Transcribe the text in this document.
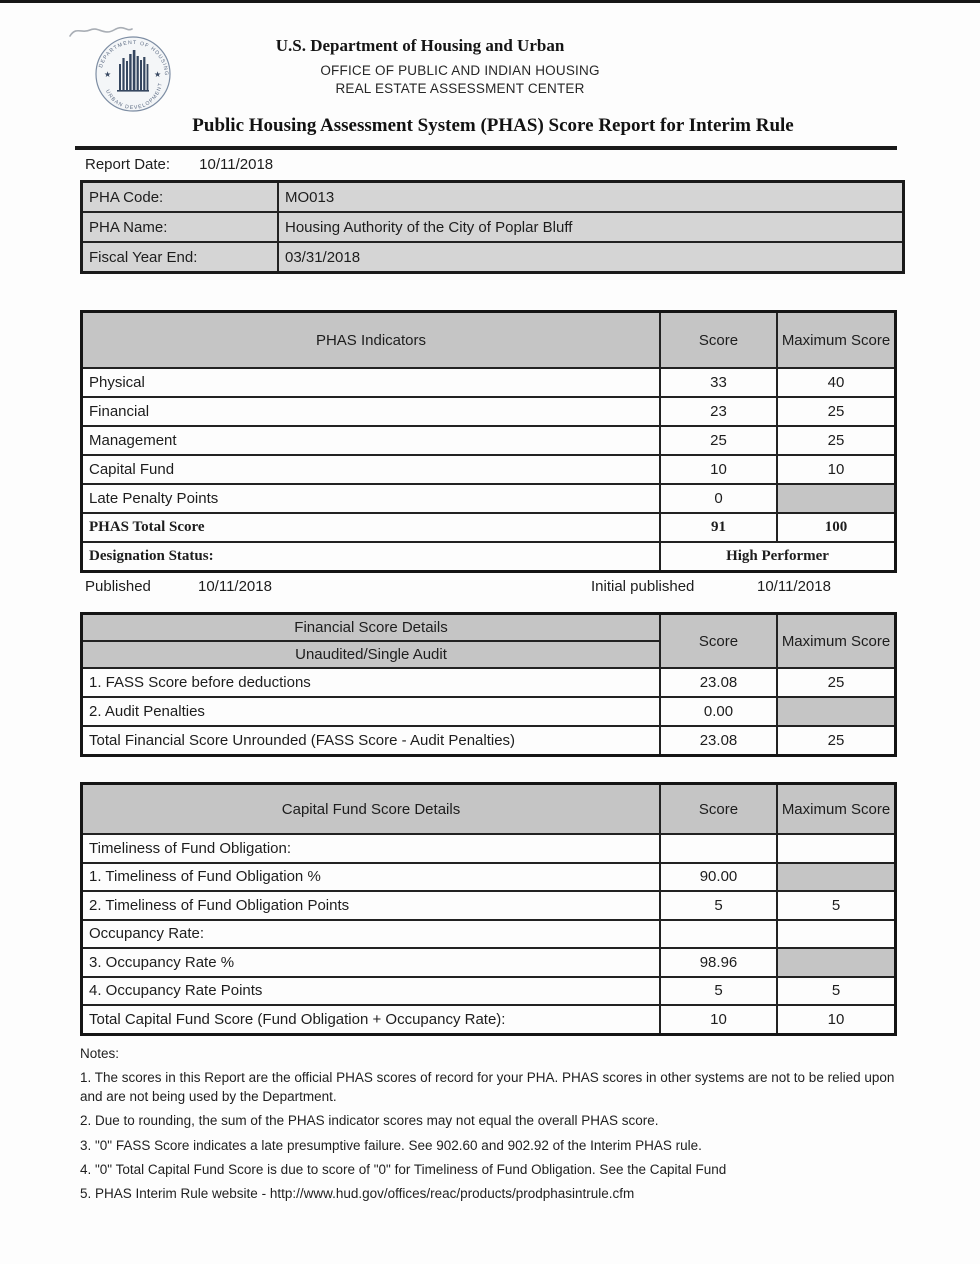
DEPARTMENT OF HOUSING
URBAN DEVELOPMENT
★	★
U.S. Department of Housing and Urban
OFFICE OF PUBLIC AND INDIAN HOUSING
REAL ESTATE ASSESSMENT CENTER
Public Housing Assessment System (PHAS) Score Report for Interim Rule
Report Date: 10/11/2018
PHA Code:	MO013
PHA Name:	Housing Authority of the City of Poplar Bluff
Fiscal Year End:	03/31/2018
PHAS Indicators	Score	Maximum Score
Physical	33	40
Financial	23	25
Management	25	25
Capital Fund	10	10
Late Penalty Points	0	
PHAS Total Score	91	100
Designation Status:	High Performer	
Published	10/11/2018	Initial published	10/11/2018
Financial Score Details	Score	Maximum Score
Unaudited/Single Audit		
1. FASS Score before deductions	23.08	25
2. Audit Penalties	0.00	
Total Financial Score Unrounded (FASS Score - Audit Penalties)	23.08	25
Capital Fund Score Details	Score	Maximum Score
Timeliness of Fund Obligation:		
1. Timeliness of Fund Obligation %	90.00	
2. Timeliness of Fund Obligation Points	5	5
Occupancy Rate:		
3. Occupancy Rate %	98.96	
4. Occupancy Rate Points	5	5
Total Capital Fund Score (Fund Obligation + Occupancy Rate):	10	10
Notes:
1. The scores in this Report are the official PHAS scores of record for your PHA. PHAS scores in other systems are not to be relied upon and are not being used by the Department.
2. Due to rounding, the sum of the PHAS indicator scores may not equal the overall PHAS score.
3. "0" FASS Score indicates a late presumptive failure. See 902.60 and 902.92 of the Interim PHAS rule.
4. "0" Total Capital Fund Score is due to score of "0" for Timeliness of Fund Obligation. See the Capital Fund
5. PHAS Interim Rule website - http://www.hud.gov/offices/reac/products/prodphasintrule.cfm
